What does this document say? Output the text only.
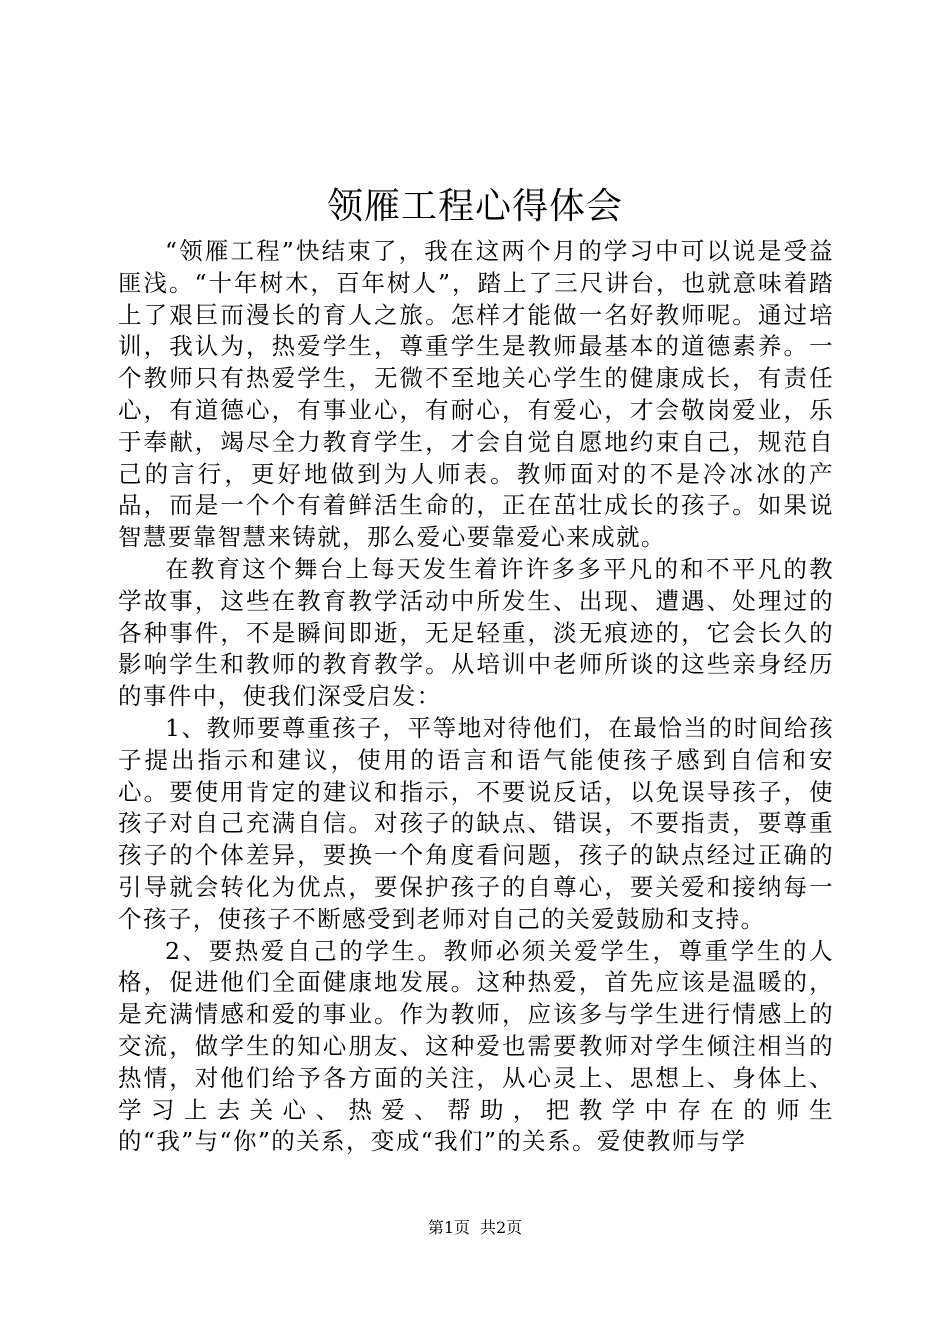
领雁工程心得体会

“领雁工程”快结束了，我在这两个月的学习中可以说是受益匪浅。“十年树木，百年树人”，踏上了三尺讲台，也就意味着踏上了艰巨而漫长的育人之旅。怎样才能做一名好教师呢。通过培训，我认为，热爱学生，尊重学生是教师最基本的道德素养。一个教师只有热爱学生，无微不至地关心学生的健康成长，有责任心，有道德心，有事业心，有耐心，有爱心，才会敬岗爱业，乐于奉献，竭尽全力教育学生，才会自觉自愿地约束自己，规范自己的言行，更好地做到为人师表。教师面对的不是冷冰冰的产品，而是一个个有着鲜活生命的，正在茁壮成长的孩子。如果说智慧要靠智慧来铸就，那么爱心要靠爱心来成就。

在教育这个舞台上每天发生着许许多多平凡的和不平凡的教学故事，这些在教育教学活动中所发生、出现、遭遇、处理过的各种事件，不是瞬间即逝，无足轻重，淡无痕迹的，它会长久的影响学生和教师的教育教学。从培训中老师所谈的这些亲身经历的事件中，使我们深受启发：

1、教师要尊重孩子，平等地对待他们，在最恰当的时间给孩子提出指示和建议，使用的语言和语气能使孩子感到自信和安心。要使用肯定的建议和指示，不要说反话，以免误导孩子，使孩子对自己充满自信。对孩子的缺点、错误，不要指责，要尊重孩子的个体差异，要换一个角度看问题，孩子的缺点经过正确的引导就会转化为优点，要保护孩子的自尊心，要关爱和接纳每一个孩子，使孩子不断感受到老师对自己的关爱鼓励和支持。

2、要热爱自己的学生。教师必须关爱学生，尊重学生的人格，促进他们全面健康地发展。这种热爱，首先应该是温暖的，是充满情感和爱的事业。作为教师，应该多与学生进行情感上的交流，做学生的知心朋友、这种爱也需要教师对学生倾注相当的热情，对他们给予各方面的关注，从心灵上、思想上、身体上、学习上去关心、热爱、帮助，把教学中存在的师生的“我”与“你”的关系，变成“我们”的关系。爱使教师与学

第1页 共2页
